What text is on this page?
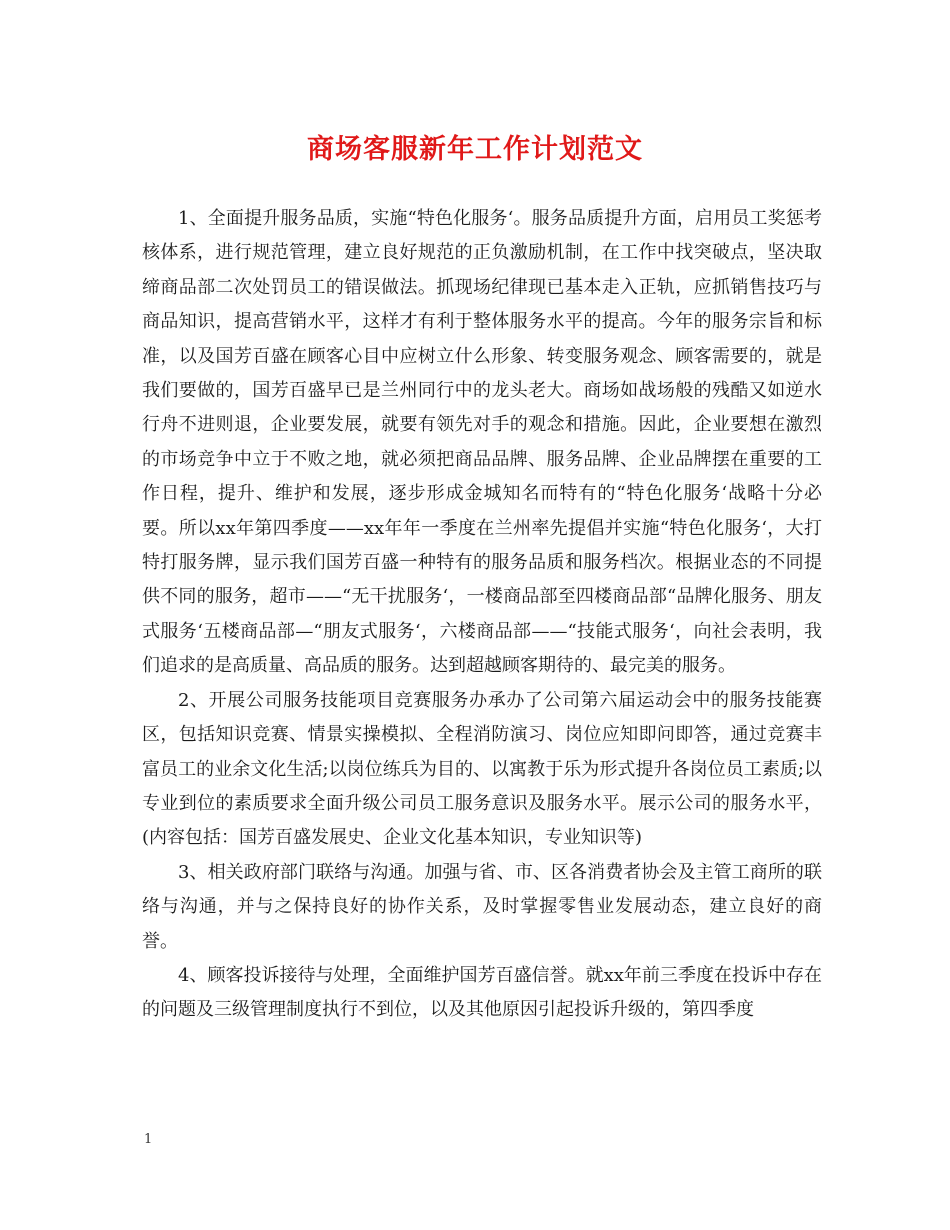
商场客服新年工作计划范文

1、全面提升服务品质，实施“特色化服务‘。服务品质提升方面，启用员工奖惩考核体系，进行规范管理，建立良好规范的正负激励机制，在工作中找突破点，坚决取缔商品部二次处罚员工的错误做法。抓现场纪律现已基本走入正轨，应抓销售技巧与商品知识，提高营销水平，这样才有利于整体服务水平的提高。今年的服务宗旨和标准，以及国芳百盛在顾客心目中应树立什么形象、转变服务观念、顾客需要的，就是我们要做的，国芳百盛早已是兰州同行中的龙头老大。商场如战场般的残酷又如逆水行舟不进则退，企业要发展，就要有领先对手的观念和措施。因此，企业要想在激烈的市场竞争中立于不败之地，就必须把商品品牌、服务品牌、企业品牌摆在重要的工作日程，提升、维护和发展，逐步形成金城知名而特有的“特色化服务‘战略十分必要。所以xx年第四季度——xx年年一季度在兰州率先提倡并实施“特色化服务‘，大打特打服务牌，显示我们国芳百盛一种特有的服务品质和服务档次。根据业态的不同提供不同的服务，超市——“无干扰服务‘，一楼商品部至四楼商品部“品牌化服务、朋友式服务‘五楼商品部—“朋友式服务‘，六楼商品部——“技能式服务‘，向社会表明，我们追求的是高质量、高品质的服务。达到超越顾客期待的、最完美的服务。

2、开展公司服务技能项目竞赛服务办承办了公司第六届运动会中的服务技能赛区，包括知识竞赛、情景实操模拟、全程消防演习、岗位应知即问即答，通过竞赛丰富员工的业余文化生活;以岗位练兵为目的、以寓教于乐为形式提升各岗位员工素质;以专业到位的素质要求全面升级公司员工服务意识及服务水平。展示公司的服务水平，(内容包括：国芳百盛发展史、企业文化基本知识，专业知识等)

3、相关政府部门联络与沟通。加强与省、市、区各消费者协会及主管工商所的联络与沟通，并与之保持良好的协作关系，及时掌握零售业发展动态，建立良好的商誉。

4、顾客投诉接待与处理，全面维护国芳百盛信誉。就xx年前三季度在投诉中存在的问题及三级管理制度执行不到位，以及其他原因引起投诉升级的，第四季度

1
